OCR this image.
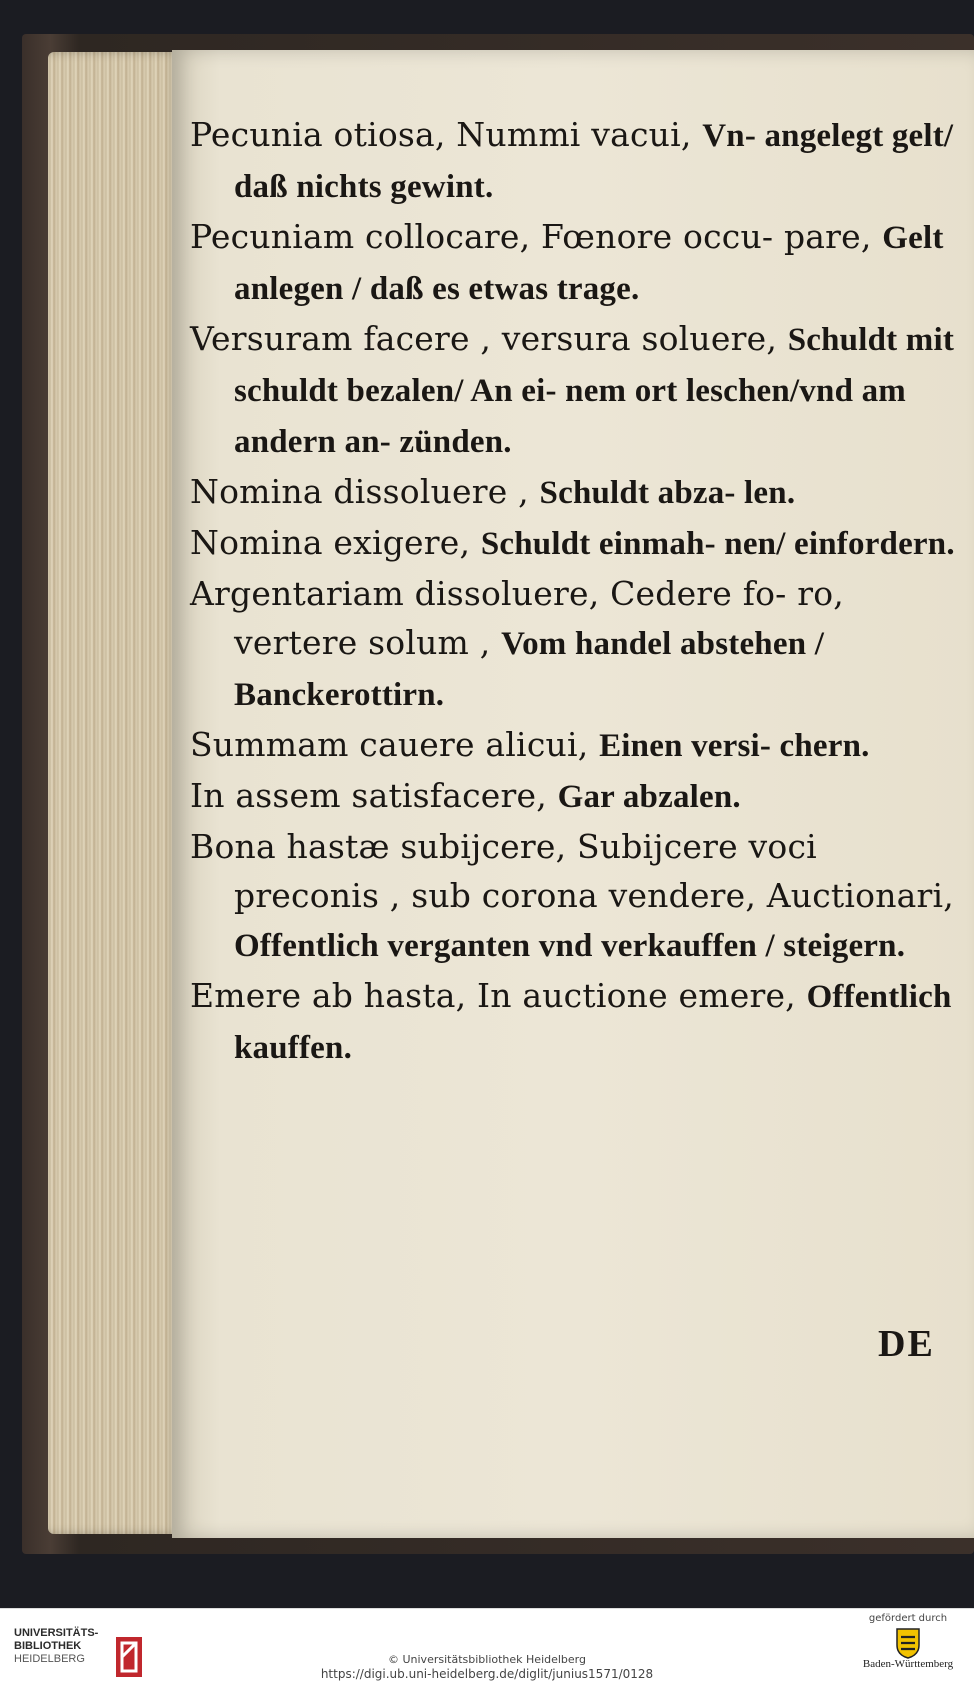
Pecunia otiosa, Nummi vacui, Vn- angelegt gelt/ daß nichts gewint.

Pecuniam collocare, Fœnore occu- pare, Gelt anlegen / daß es etwas trage.

Versuram facere , versura soluere, Schuldt mit schuldt bezalen/ An ei- nem ort leschen/vnd am andern an- zünden.

Nomina dissoluere , Schuldt abza- len.

Nomina exigere, Schuldt einmah- nen/ einfordern.

Argentariam dissoluere, Cedere fo- ro, vertere solum , Vom handel abstehen / Banckerottirn.

Summam cauere alicui, Einen versi- chern.

In assem satisfacere, Gar abzalen.

Bona hastæ subijcere, Subijcere voci preconis , sub corona vendere, Auctionari, Offentlich verganten vnd verkauffen / steigern.

Emere ab hasta, In auctione emere, Offentlich kauffen.

DE
UNIVERSITÄTS-
BIBLIOTHEK
HEIDELBERG	© Universitätsbibliothek Heidelberg
https://digi.ub.uni-heidelberg.de/diglit/junius1571/0128
gefördert durch
Baden-Württemberg
